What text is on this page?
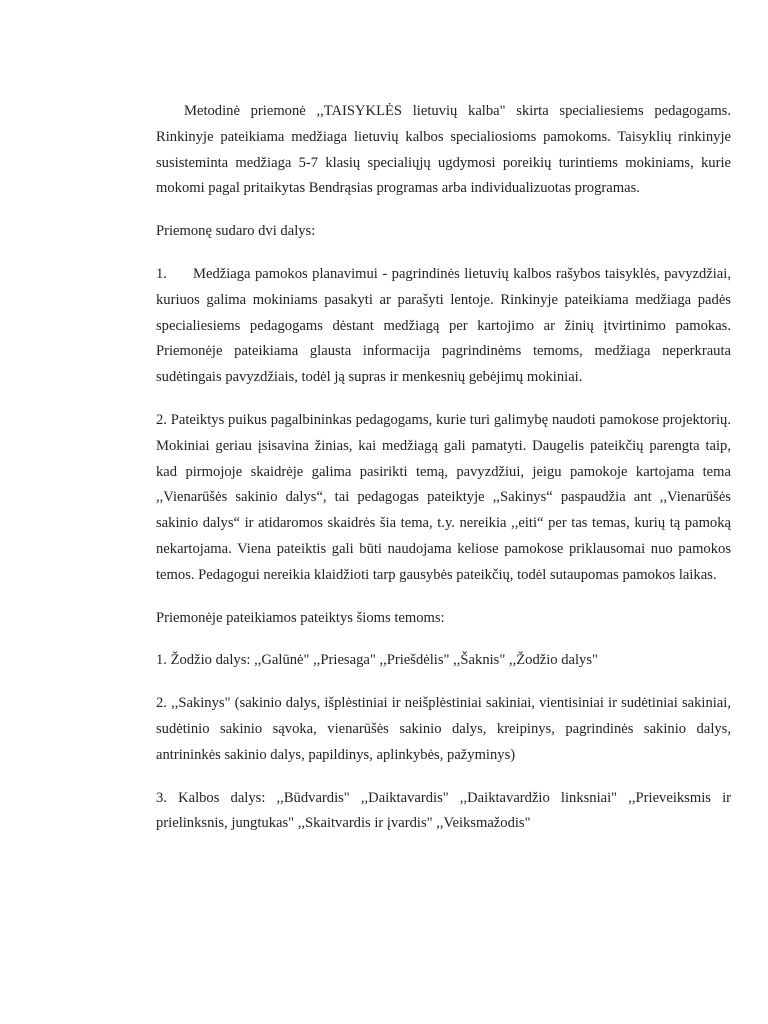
Metodinė priemonė ,,TAISYKLĖS lietuvių kalba" skirta specialiesiems pedagogams. Rinkinyje pateikiama medžiaga lietuvių kalbos specialiosioms pamokoms. Taisyklių rinkinyje susisteminta medžiaga 5-7 klasių specialiųjų ugdymosi poreikių turintiems mokiniams, kurie mokomi pagal pritaikytas Bendrąsias programas arba individualizuotas programas.

Priemonę sudaro dvi dalys:

1. Medžiaga pamokos planavimui - pagrindinės lietuvių kalbos rašybos taisyklės, pavyzdžiai, kuriuos galima mokiniams pasakyti ar parašyti lentoje. Rinkinyje pateikiama medžiaga padės specialiesiems pedagogams dėstant medžiagą per kartojimo ar žinių įtvirtinimo pamokas. Priemonėje pateikiama glausta informacija pagrindinėms temoms, medžiaga neperkrauta sudėtingais pavyzdžiais, todėl ją supras ir menkesnių gebėjimų mokiniai.

2. Pateiktys puikus pagalbininkas pedagogams, kurie turi galimybę naudoti pamokose projektorių. Mokiniai geriau įsisavina žinias, kai medžiagą gali pamatyti. Daugelis pateikčių parengta taip, kad pirmojoje skaidrėje galima pasirikti temą, pavyzdžiui, jeigu pamokoje kartojama tema ,,Vienarūšės sakinio dalys“, tai pedagogas pateiktyje ,,Sakinys“ paspaudžia ant ,,Vienarūšės sakinio dalys“ ir atidaromos skaidrės šia tema, t.y. nereikia ,,eiti“ per tas temas, kurių tą pamoką nekartojama. Viena pateiktis gali būti naudojama keliose pamokose priklausomai nuo pamokos temos. Pedagogui nereikia klaidžioti tarp gausybės pateikčių, todėl sutaupomas pamokos laikas.

Priemonėje pateikiamos pateiktys šioms temoms:

1. Žodžio dalys: ,,Galūnė" ,,Priesaga" ,,Priešdėlis" ,,Šaknis" ,,Žodžio dalys"

2. ,,Sakinys" (sakinio dalys, išplėstiniai ir neišplėstiniai sakiniai, vientisiniai ir sudėtiniai sakiniai, sudėtinio sakinio sąvoka, vienarūšės sakinio dalys, kreipinys, pagrindinės sakinio dalys, antrininkės sakinio dalys, papildinys, aplinkybės, pažyminys)

3. Kalbos dalys: ,,Būdvardis" ,,Daiktavardis" ,,Daiktavardžio linksniai" ,,Prieveiksmis ir prielinksnis, jungtukas" ,,Skaitvardis ir įvardis" ,,Veiksmažodis"
